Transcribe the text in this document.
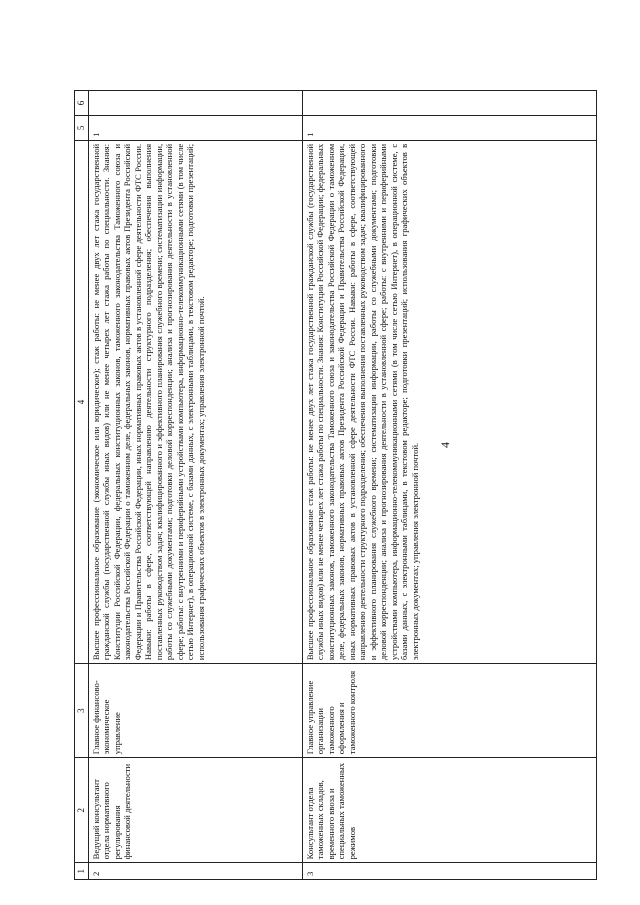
4
1	2	3	4	5	6
2	Ведущий консультант отдела нормативного регулирования финансовой деятельности	Главное финансово-экономическое управление	Высшее профессиональное образование (экономическое или юридическое); стаж работы: не менее двух лет стажа государственной гражданской службы (государственной службы иных видов) или не менее четырех лет стажа работы по специальности. Знания: Конституции Российской Федерации, федеральных конституционных законов, таможенного законодательства Таможенного союза и законодательства Российской Федерации о таможенном деле, федеральных законов, нормативных правовых актов Президента Российской Федерации и Правительства Российской Федерации, иных нормативных правовых актов в установленной сфере деятельности ФТС России. Навыки: работы в сфере, соответствующей направлению деятельности структурного подразделения; обеспечения выполнения поставленных руководством задач; квалифицированного и эффективного планирования служебного времени; систематизации информации, работы со служебными документами; подготовки деловой корреспонденции; анализа и прогнозирования деятельности в установленной сфере; работы: с внутренними и периферийными устройствами компьютера, информационно-телекоммуникационными сетями (в том числе сетью Интернет), в операционной системе, с базами данных, с электронными таблицами, в текстовом редакторе; подготовки презентаций; использования графических объектов в электронных документах; управления электронной почтой.	1	
3	Консультант отдела таможенных складов, временного ввоза и специальных таможенных режимов	Главное управление организации таможенного оформления и таможенного контроля	Высшее профессиональное образование стаж работы: не менее двух лет стажа государственной гражданской службы (государственной службы иных видов) или не менее четырех лет стажа работы по специальности. Знания: Конституции Российской Федерации; федеральных конституционных законов, таможенного законодательства Таможенного союза и законодательства Российской Федерации о таможенном деле, федеральных законов, нормативных правовых актов Президента Российской Федерации и Правительства Российской Федерации, иных нормативных правовых актов в установленной сфере деятельности ФТС России. Навыки: работы в сфере, соответствующей направлению деятельности структурного подразделения; обеспечения выполнения поставленных руководством задач; квалифицированного и эффективного планирования служебного времени; систематизации информации, работы со служебными документами; подготовки деловой корреспонденции; анализа и прогнозирования деятельности в установленной сфере; работы: с внутренними и периферийными устройствами компьютера, информационно-телекоммуникационными сетями (в том числе сетью Интернет), в операционной системе, с базами данных, с электронными таблицами, в текстовом редакторе; подготовки презентаций; использования графических объектов в электронных документах; управления электронной почтой.	1	
